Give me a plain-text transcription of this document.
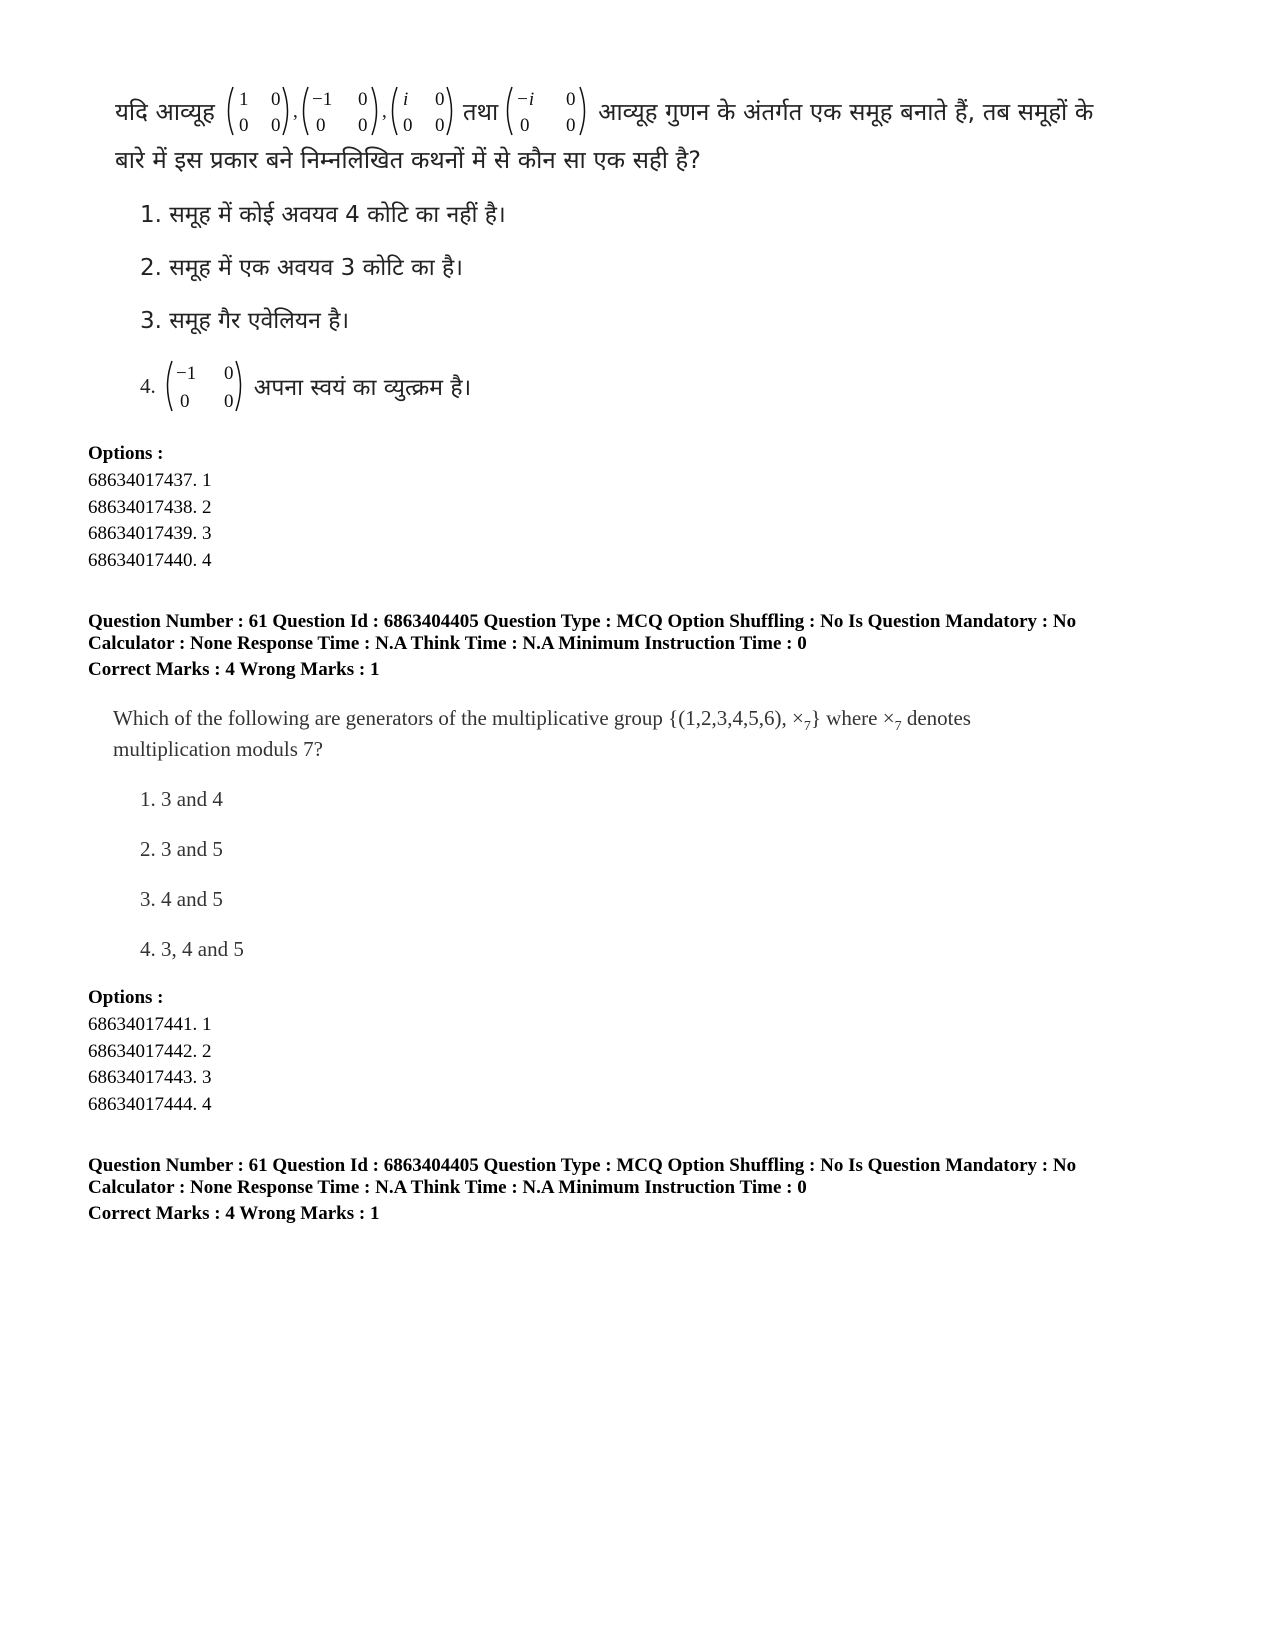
यदि आव्यूह 1 0
0 0
, −1 0
0 0
, i 0
0 0 तथा −i 0
0 0 आव्यूह गुणन के अंतर्गत एक समूह बनाते हैं, तब समूहों के
बारे में इस प्रकार बने निम्नलिखित कथनों में से कौन सा एक सही है?
1. समूह में कोई अवयव 4 कोटि का नहीं है।
2. समूह में एक अवयव 3 कोटि का है।
3. समूह गैर एवेलियन है।
4. −1 0
0 0
अपना स्वयं का व्युत्क्रम है।
Options :
68634017437. 1
68634017438. 2
68634017439. 3
68634017440. 4
Question Number : 61 Question Id : 6863404405 Question Type : MCQ Option Shuffling : No Is Question Mandatory : No
Calculator : None Response Time : N.A Think Time : N.A Minimum Instruction Time : 0
Correct Marks : 4 Wrong Marks : 1
Which of the following are generators of the multiplicative group {(1,2,3,4,5,6), $\times_7$} where $\times_7$ denotes
multiplication moduls 7?
1. 3 and 4
2. 3 and 5
3. 4 and 5
4. 3, 4 and 5
Options :
68634017441. 1
68634017442. 2
68634017443. 3
68634017444. 4
Question Number : 61 Question Id : 6863404405 Question Type : MCQ Option Shuffling : No Is Question Mandatory : No
Calculator : None Response Time : N.A Think Time : N.A Minimum Instruction Time : 0
Correct Marks : 4 Wrong Marks : 1
